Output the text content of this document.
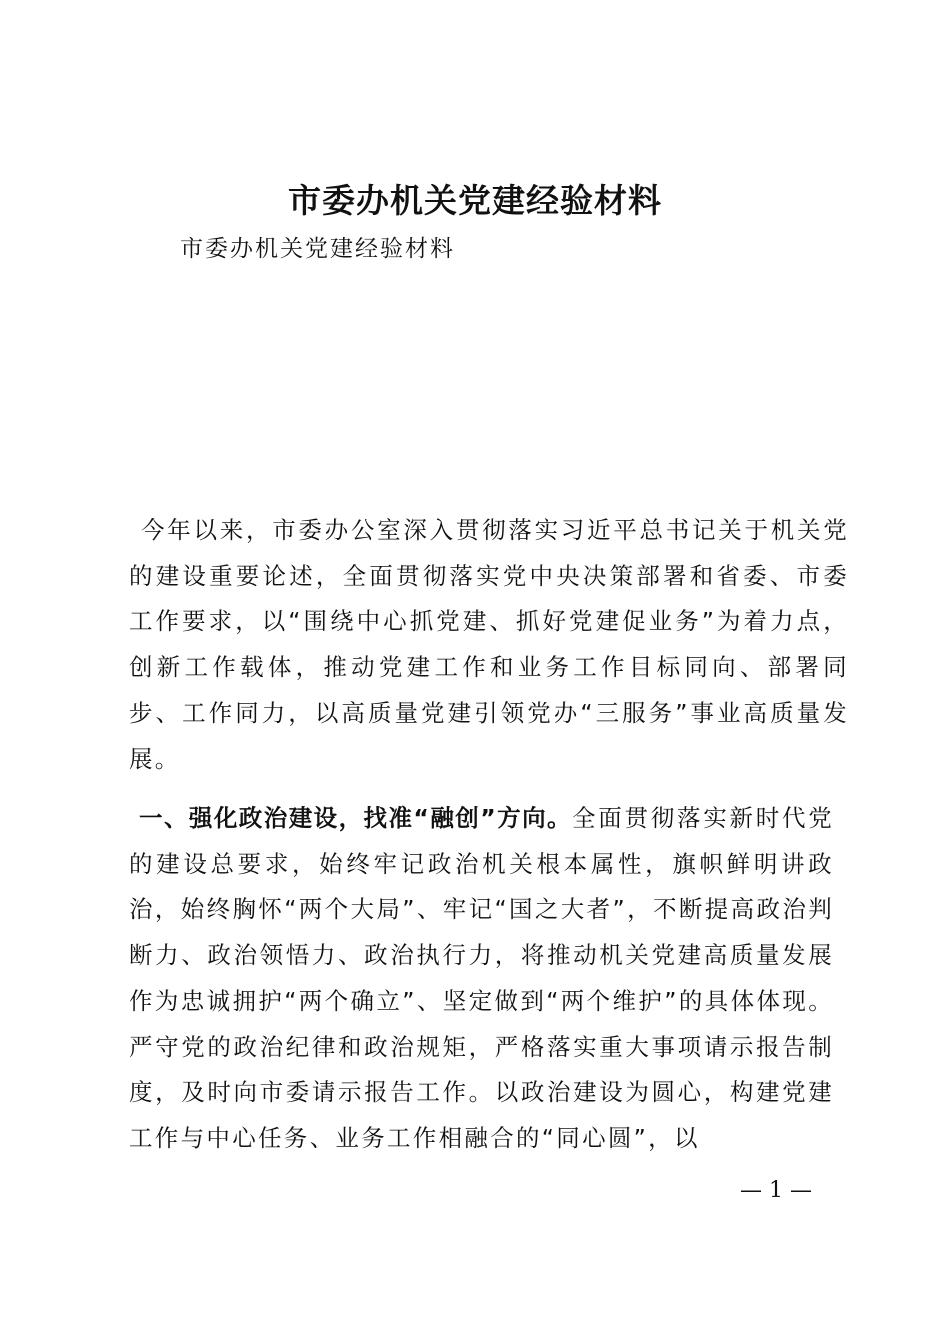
市委办机关党建经验材料
市委办机关党建经验材料

今年以来，市委办公室深入贯彻落实习近平总书记关于机关党的建设重要论述，全面贯彻落实党中央决策部署和省委、市委工作要求，以“围绕中心抓党建、抓好党建促业务”为着力点，创新工作载体，推动党建工作和业务工作目标同向、部署同步、工作同力，以高质量党建引领党办“三服务”事业高质量发展。

一、强化政治建设，找准“融创”方向。全面贯彻落实新时代党的建设总要求，始终牢记政治机关根本属性，旗帜鲜明讲政治，始终胸怀“两个大局”、牢记“国之大者”，不断提高政治判断力、政治领悟力、政治执行力，将推动机关党建高质量发展作为忠诚拥护“两个确立”、坚定做到“两个维护”的具体体现。严守党的政治纪律和政治规矩，严格落实重大事项请示报告制度，及时向市委请示报告工作。以政治建设为圆心，构建党建工作与中心任务、业务工作相融合的“同心圆”，以

— 1 —
